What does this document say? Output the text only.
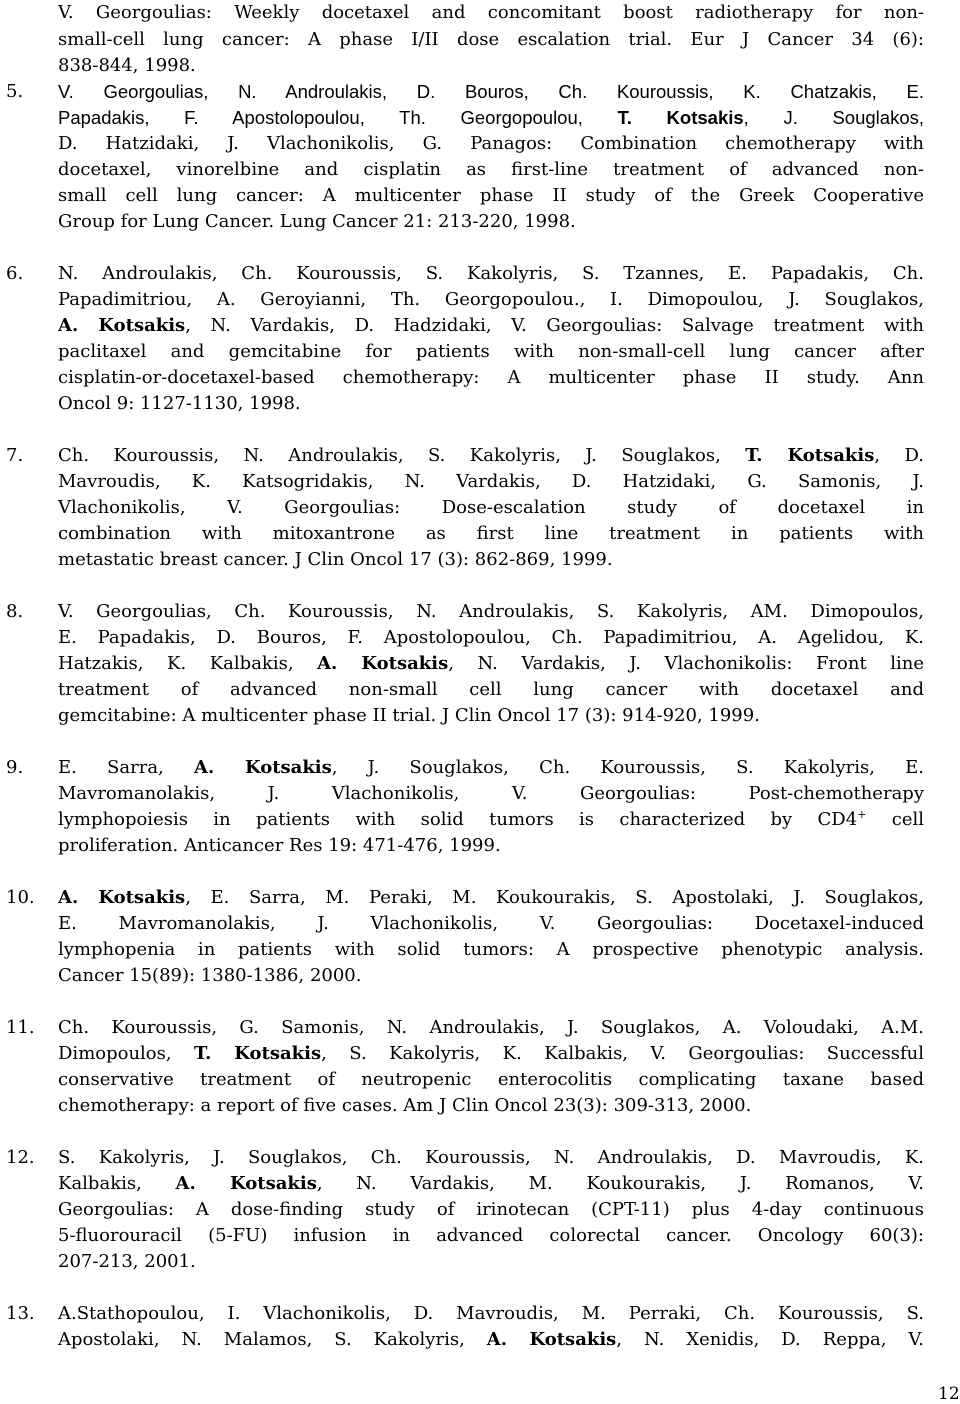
V. Georgoulias: Weekly docetaxel and concomitant boost radiotherapy for non-
small-cell lung cancer: A phase I/II dose escalation trial. Eur J Cancer 34 (6):
838-844, 1998.
5. V. Georgoulias, N. Androulakis, D. Bouros, Ch. Kouroussis, K. Chatzakis, E.
Papadakis, F. Apostolopoulou, Th. Georgopoulou, T. Kotsakis, J. Souglakos,
D. Hatzidaki, J. Vlachonikolis, G. Panagos: Combination chemotherapy with
docetaxel, vinorelbine and cisplatin as first-line treatment of advanced non-
small cell lung cancer: A multicenter phase II study of the Greek Cooperative
Group for Lung Cancer. Lung Cancer 21: 213-220, 1998.
6. N. Androulakis, Ch. Kouroussis, S. Kakolyris, S. Tzannes, E. Papadakis, Ch.
Papadimitriou, A. Geroyianni, Th. Georgopoulou., I. Dimopoulou, J. Souglakos,
A. Kotsakis, N. Vardakis, D. Hadzidaki, V. Georgoulias: Salvage treatment with
paclitaxel and gemcitabine for patients with non-small-cell lung cancer after
cisplatin-or-docetaxel-based chemotherapy: A multicenter phase II study. Ann
Oncol 9: 1127-1130, 1998.
7. Ch. Kouroussis, N. Androulakis, S. Kakolyris, J. Souglakos, T. Kotsakis, D.
Mavroudis, K. Katsogridakis, N. Vardakis, D. Hatzidaki, G. Samonis, J.
Vlachonikolis, V. Georgoulias: Dose-escalation study of docetaxel in
combination with mitoxantrone as first line treatment in patients with
metastatic breast cancer. J Clin Oncol 17 (3): 862-869, 1999.
8. V. Georgoulias, Ch. Kouroussis, N. Androulakis, S. Kakolyris, AM. Dimopoulos,
E. Papadakis, D. Bouros, F. Apostolopoulou, Ch. Papadimitriou, A. Agelidou, K.
Hatzakis, K. Kalbakis, A. Kotsakis, N. Vardakis, J. Vlachonikolis: Front line
treatment of advanced non-small cell lung cancer with docetaxel and
gemcitabine: A multicenter phase II trial. J Clin Oncol 17 (3): 914-920, 1999.
9. E. Sarra, A. Kotsakis, J. Souglakos, Ch. Kouroussis, S. Kakolyris, E.
Mavromanolakis, J. Vlachonikolis, V. Georgoulias: Post-chemotherapy
lymphopoiesis in patients with solid tumors is characterized by CD4+ cell
proliferation. Anticancer Res 19: 471-476, 1999.
10. A. Kotsakis, E. Sarra, M. Peraki, M. Koukourakis, S. Apostolaki, J. Souglakos,
E. Mavromanolakis, J. Vlachonikolis, V. Georgoulias: Docetaxel-induced
lymphopenia in patients with solid tumors: A prospective phenotypic analysis.
Cancer 15(89): 1380-1386, 2000.
11. Ch. Kouroussis, G. Samonis, N. Androulakis, J. Souglakos, A. Voloudaki, A.M.
Dimopoulos, T. Kotsakis, S. Kakolyris, K. Kalbakis, V. Georgoulias: Successful
conservative treatment of neutropenic enterocolitis complicating taxane based
chemotherapy: a report of five cases. Am J Clin Oncol 23(3): 309-313, 2000.
12. S. Kakolyris, J. Souglakos, Ch. Kouroussis, N. Androulakis, D. Mavroudis, K.
Kalbakis, A. Kotsakis, N. Vardakis, M. Koukourakis, J. Romanos, V.
Georgoulias: A dose-finding study of irinotecan (CPT-11) plus 4-day continuous
5-fluorouracil (5-FU) infusion in advanced colorectal cancer. Oncology 60(3):
207-213, 2001.
13. A.Stathopoulou, I. Vlachonikolis, D. Mavroudis, M. Perraki, Ch. Kouroussis, S.
Apostolaki, N. Malamos, S. Kakolyris, A. Kotsakis, N. Xenidis, D. Reppa, V.
12
